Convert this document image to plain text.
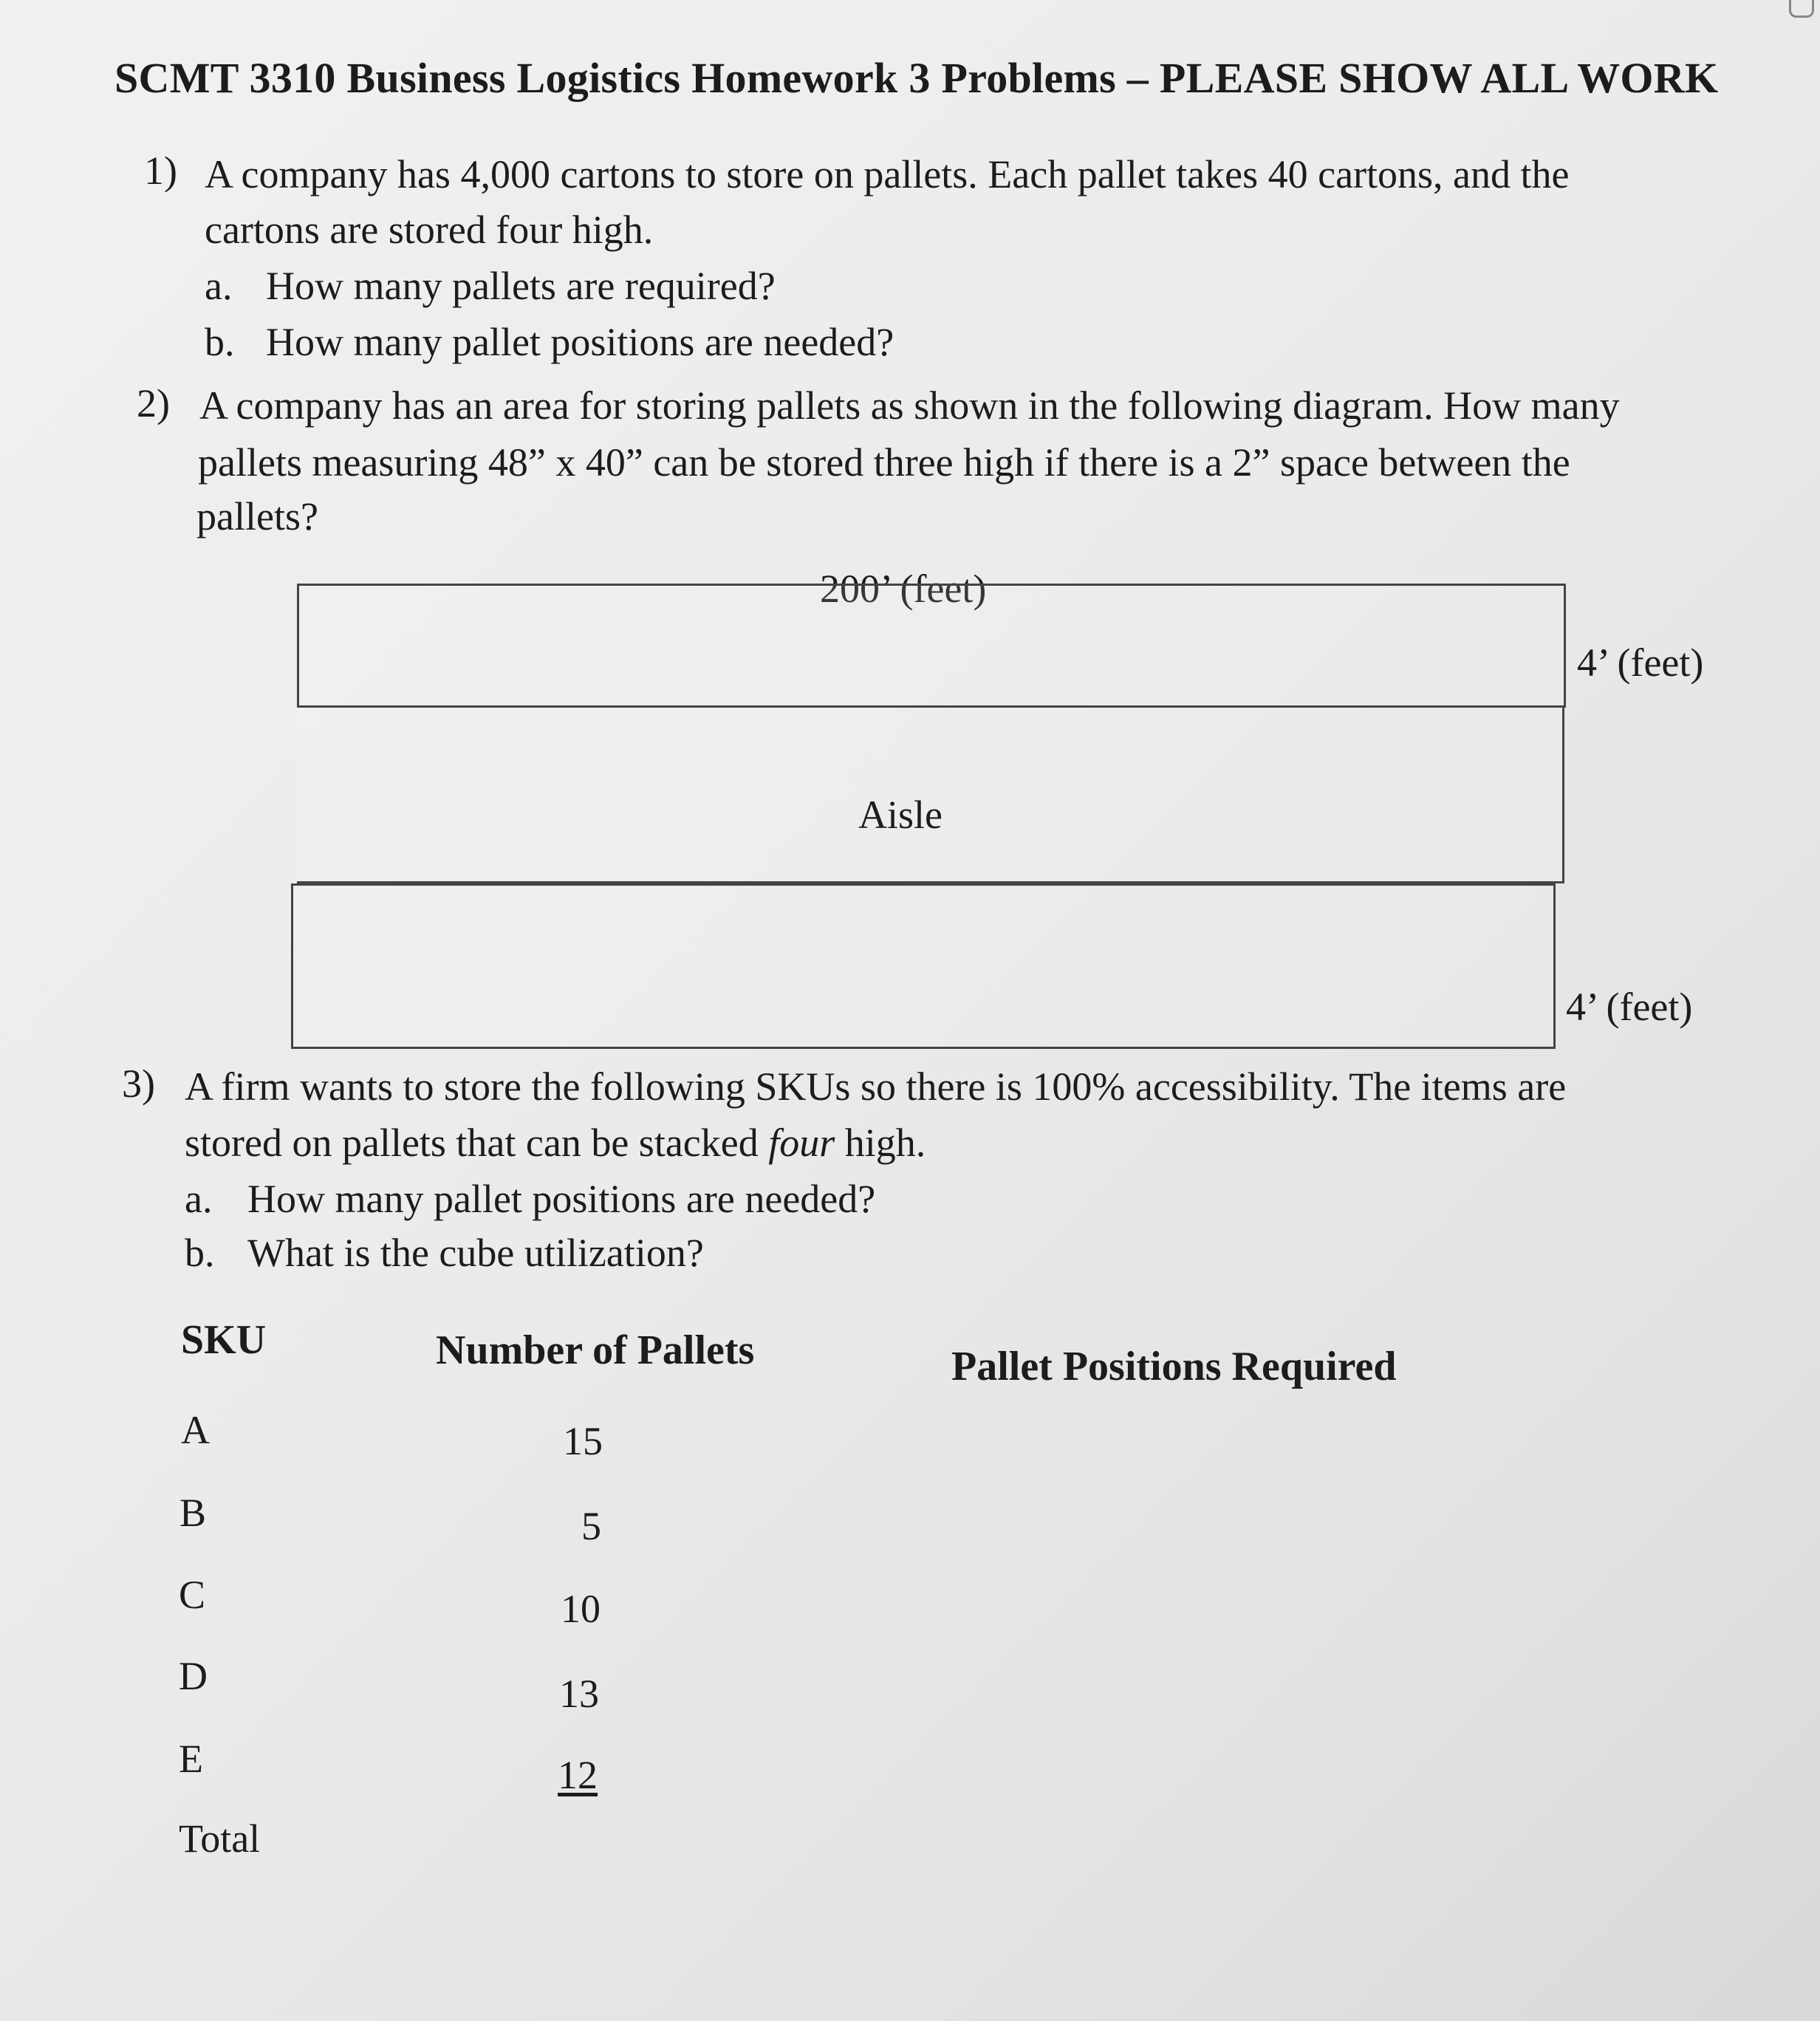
SCMT 3310 Business Logistics Homework 3 Problems – PLEASE SHOW ALL WORK
1) A company has 4,000 cartons to store on pallets. Each pallet takes 40 cartons, and the
cartons are stored four high.
a. How many pallets are required?
b. How many pallet positions are needed?
2) A company has an area for storing pallets as shown in the following diagram. How many
pallets measuring 48” x 40” can be stored three high if there is a 2” space between the
pallets?
200’ (feet)
4’ (feet)
Aisle
4’ (feet)
3) A firm wants to store the following SKUs so there is 100% accessibility. The items are
stored on pallets that can be stacked four high.
a. How many pallet positions are needed?
b. What is the cube utilization?
SKU	Number of Pallets	Pallet Positions Required
A	15
B	5
C	10
D	13
E	12
Total
